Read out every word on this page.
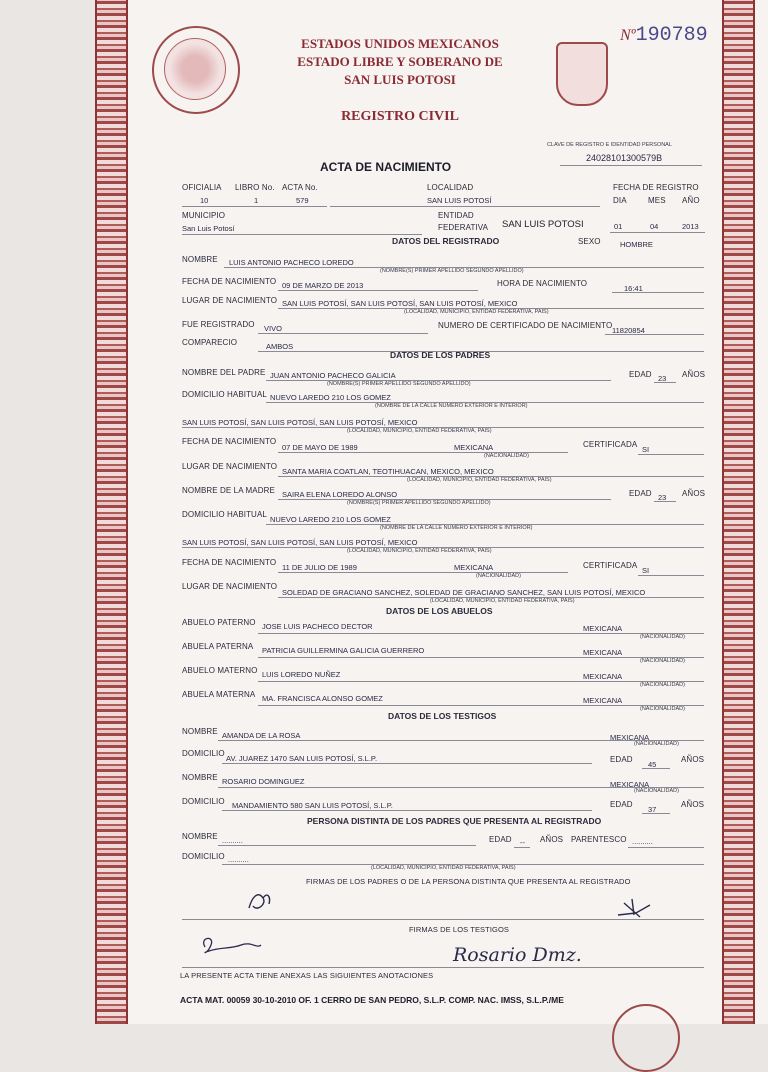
ESTADOS UNIDOS MEXICANOS
ESTADO LIBRE Y SOBERANO DE
SAN LUIS POTOSI
REGISTRO CIVIL
Nº190789
CLAVE DE REGISTRO E IDENTIDAD PERSONAL
24028101300579B
ACTA DE NACIMIENTO
OFICIALIA LIBRO No. ACTA No.
10	1	579
LOCALIDAD
SAN LUIS POTOSÍ
FECHA DE REGISTRO
DIA	MES AÑO
MUNICIPIO
San Luis Potosí
ENTIDAD
FEDERATIVA SAN LUIS POTOSI	01	04	2013
DATOS DEL REGISTRADO	SEXO	HOMBRE
NOMBRE LUIS ANTONIO PACHECO LOREDO
(NOMBRE(S) PRIMER APELLIDO SEGUNDO APELLIDO)
FECHA DE NACIMIENTO 09 DE MARZO DE 2013	HORA DE NACIMIENTO
16:41
LUGAR DE NACIMIENTO SAN LUIS POTOSÍ, SAN LUIS POTOSÍ, SAN LUIS POTOSÍ, MEXICO
(LOCALIDAD, MUNICIPIO, ENTIDAD FEDERATIVA, PAIS)
FUE REGISTRADO VIVO	NUMERO DE CERTIFICADO DE NACIMIENTO
11820854
COMPARECIO	AMBOS
DATOS DE LOS PADRES
NOMBRE DEL PADRE JUAN ANTONIO PACHECO GALICIA
(NOMBRE(S) PRIMER APELLIDO SEGUNDO APELLIDO)
EDAD 23 AÑOS
DOMICILIO HABITUAL NUEVO LAREDO 210 LOS GOMEZ
(NOMBRE DE LA CALLE NUMERO EXTERIOR E INTERIOR)
SAN LUIS POTOSÍ, SAN LUIS POTOSÍ, SAN LUIS POTOSÍ, MEXICO
(LOCALIDAD, MUNICIPIO, ENTIDAD FEDERATIVA, PAIS)
FECHA DE NACIMIENTO
07 DE MAYO DE 1989	MEXICANA
(NACIONALIDAD)
CERTIFICADA
SI
LUGAR DE NACIMIENTO
SANTA MARIA COATLAN, TEOTIHUACAN, MEXICO, MEXICO
(LOCALIDAD, MUNICIPIO, ENTIDAD FEDERATIVA, PAIS)
NOMBRE DE LA MADRE SAIRA ELENA LOREDO ALONSO
(NOMBRE(S) PRIMER APELLIDO SEGUNDO APELLIDO)
EDAD 23 AÑOS
DOMICILIO HABITUAL
NUEVO LAREDO 210 LOS GOMEZ
(NOMBRE DE LA CALLE NUMERO EXTERIOR E INTERIOR)
SAN LUIS POTOSÍ, SAN LUIS POTOSÍ, SAN LUIS POTOSÍ, MEXICO
(LOCALIDAD, MUNICIPIO, ENTIDAD FEDERATIVA, PAIS)
FECHA DE NACIMIENTO
11 DE JULIO DE 1989	MEXICANA
(NACIONALIDAD)
CERTIFICADA
SI
LUGAR DE NACIMIENTO
SOLEDAD DE GRACIANO SANCHEZ, SOLEDAD DE GRACIANO SANCHEZ, SAN LUIS POTOSÍ, MEXICO
(LOCALIDAD, MUNICIPIO, ENTIDAD FEDERATIVA, PAIS)
DATOS DE LOS ABUELOS
ABUELO PATERNO JOSE LUIS PACHECO DECTOR	MEXICANA
(NACIONALIDAD)
ABUELA PATERNA PATRICIA GUILLERMINA GALICIA GUERRERO	MEXICANA
(NACIONALIDAD)
ABUELO MATERNO LUIS LOREDO NUÑEZ	MEXICANA
(NACIONALIDAD)
ABUELA MATERNA MA. FRANCISCA ALONSO GOMEZ	MEXICANA
(NACIONALIDAD)
DATOS DE LOS TESTIGOS
NOMBRE AMANDA DE LA ROSA	MEXICANA
(NACIONALIDAD)
DOMICILIO
AV. JUAREZ 1470 SAN LUIS POTOSÍ, S.L.P.	EDAD
45
AÑOS
NOMBRE ROSARIO DOMINGUEZ	MEXICANA
(NACIONALIDAD)
DOMICILIO MANDAMIENTO 580 SAN LUIS POTOSÍ, S.L.P.	EDAD
37
AÑOS
PERSONA DISTINTA DE LOS PADRES QUE PRESENTA AL REGISTRADO
NOMBRE ..........	EDAD -- AÑOS PARENTESCO ..........
DOMICILIO ..........
(LOCALIDAD, MUNICIPIO, ENTIDAD FEDERATIVA, PAIS)
FIRMAS DE LOS PADRES O DE LA PERSONA DISTINTA QUE PRESENTA AL REGISTRADO
FIRMAS DE LOS TESTIGOS
Rosario Dmz.
LA PRESENTE ACTA TIENE ANEXAS LAS SIGUIENTES ANOTACIONES
ACTA MAT. 00059 30-10-2010 OF. 1 CERRO DE SAN PEDRO, S.L.P. COMP. NAC. IMSS, S.L.P./ME
